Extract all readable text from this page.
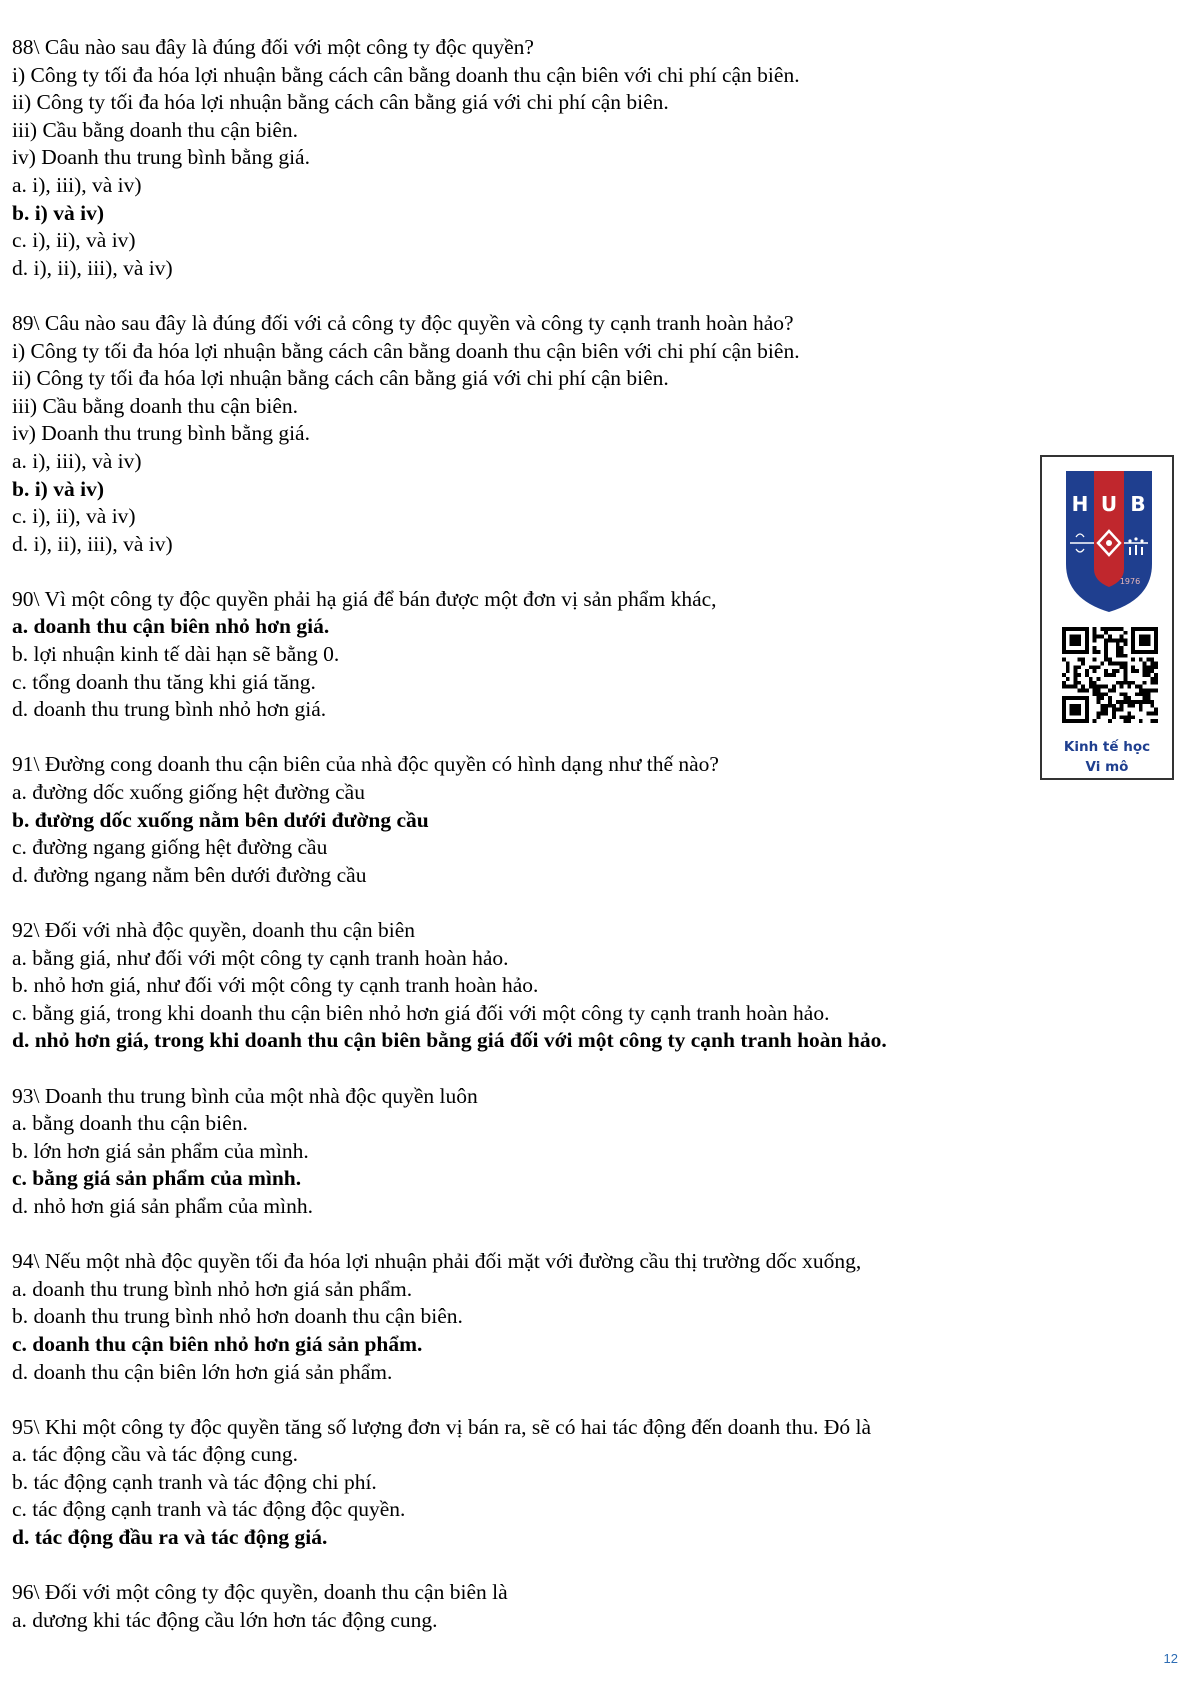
88\ Câu nào sau đây là đúng đối với một công ty độc quyền?
i) Công ty tối đa hóa lợi nhuận bằng cách cân bằng doanh thu cận biên với chi phí cận biên.
ii) Công ty tối đa hóa lợi nhuận bằng cách cân bằng giá với chi phí cận biên.
iii) Cầu bằng doanh thu cận biên.
iv) Doanh thu trung bình bằng giá.
a. i), iii), và iv)
b. i) và iv)
c. i), ii), và iv)
d. i), ii), iii), và iv)
89\ Câu nào sau đây là đúng đối với cả công ty độc quyền và công ty cạnh tranh hoàn hảo?
i) Công ty tối đa hóa lợi nhuận bằng cách cân bằng doanh thu cận biên với chi phí cận biên.
ii) Công ty tối đa hóa lợi nhuận bằng cách cân bằng giá với chi phí cận biên.
iii) Cầu bằng doanh thu cận biên.
iv) Doanh thu trung bình bằng giá.
a. i), iii), và iv)
b. i) và iv)
c. i), ii), và iv)
d. i), ii), iii), và iv)
90\ Vì một công ty độc quyền phải hạ giá để bán được một đơn vị sản phẩm khác,
a. doanh thu cận biên nhỏ hơn giá.
b. lợi nhuận kinh tế dài hạn sẽ bằng 0.
c. tổng doanh thu tăng khi giá tăng.
d. doanh thu trung bình nhỏ hơn giá.
91\ Đường cong doanh thu cận biên của nhà độc quyền có hình dạng như thế nào?
a. đường dốc xuống giống hệt đường cầu
b. đường dốc xuống nằm bên dưới đường cầu
c. đường ngang giống hệt đường cầu
d. đường ngang nằm bên dưới đường cầu
92\ Đối với nhà độc quyền, doanh thu cận biên
a. bằng giá, như đối với một công ty cạnh tranh hoàn hảo.
b. nhỏ hơn giá, như đối với một công ty cạnh tranh hoàn hảo.
c. bằng giá, trong khi doanh thu cận biên nhỏ hơn giá đối với một công ty cạnh tranh hoàn hảo.
d. nhỏ hơn giá, trong khi doanh thu cận biên bằng giá đối với một công ty cạnh tranh hoàn hảo.
93\ Doanh thu trung bình của một nhà độc quyền luôn
a. bằng doanh thu cận biên.
b. lớn hơn giá sản phẩm của mình.
c. bằng giá sản phẩm của mình.
d. nhỏ hơn giá sản phẩm của mình.
94\ Nếu một nhà độc quyền tối đa hóa lợi nhuận phải đối mặt với đường cầu thị trường dốc xuống,
a. doanh thu trung bình nhỏ hơn giá sản phẩm.
b. doanh thu trung bình nhỏ hơn doanh thu cận biên.
c. doanh thu cận biên nhỏ hơn giá sản phẩm.
d. doanh thu cận biên lớn hơn giá sản phẩm.
95\ Khi một công ty độc quyền tăng số lượng đơn vị bán ra, sẽ có hai tác động đến doanh thu. Đó là
a. tác động cầu và tác động cung.
b. tác động cạnh tranh và tác động chi phí.
c. tác động cạnh tranh và tác động độc quyền.
d. tác động đầu ra và tác động giá.
96\ Đối với một công ty độc quyền, doanh thu cận biên là
a. dương khi tác động cầu lớn hơn tác động cung.
H U B
1976
Kinh tế học
Vi mô
12
